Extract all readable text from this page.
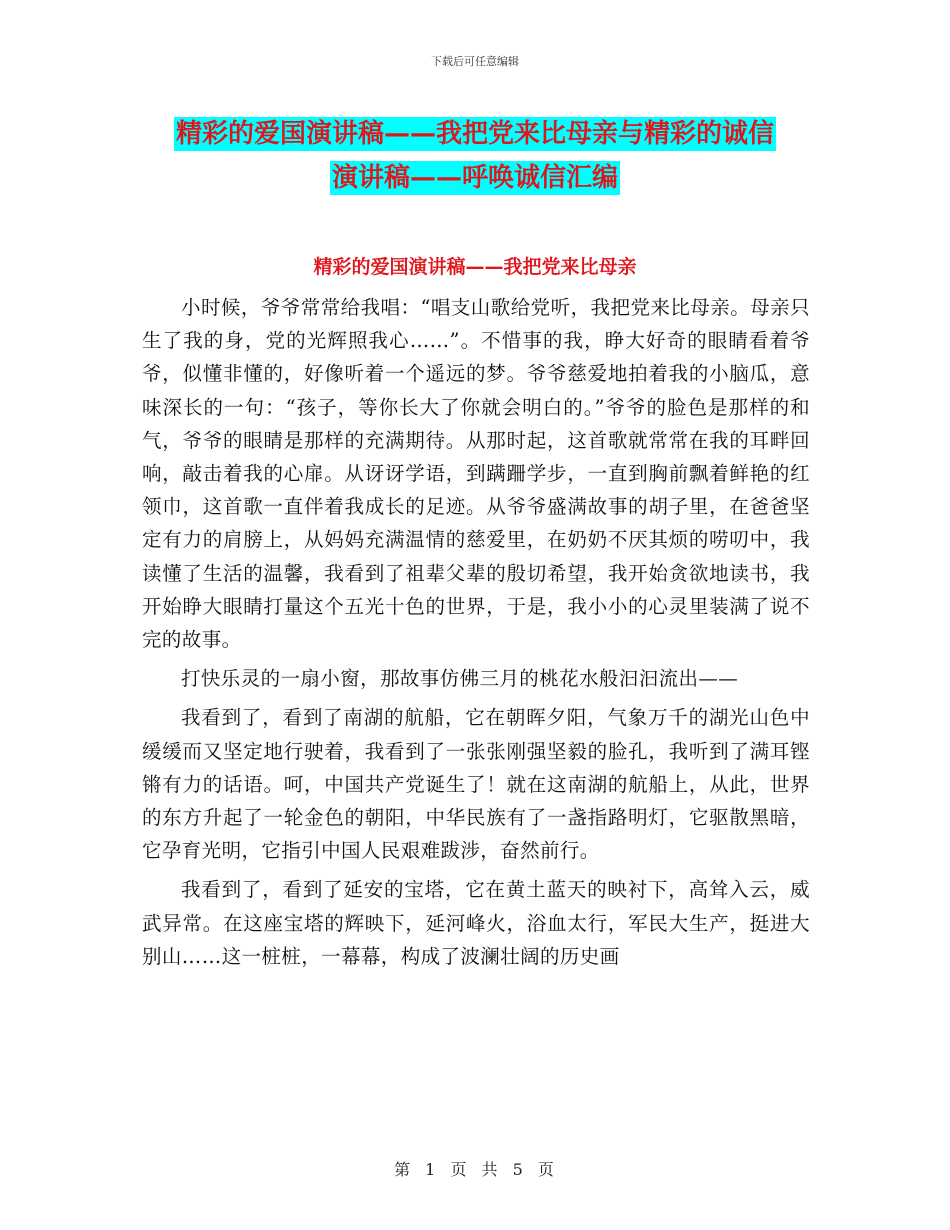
下载后可任意编辑
精彩的爱国演讲稿——我把党来比母亲与精彩的诚信
演讲稿——呼唤诚信汇编
精彩的爱国演讲稿——我把党来比母亲

小时候，爷爷常常给我唱：“唱支山歌给党听，我把党来比母亲。母亲只生了我的身，党的光辉照我心……”。不惜事的我，睁大好奇的眼睛看着爷爷，似懂非懂的，好像听着一个遥远的梦。爷爷慈爱地拍着我的小脑瓜，意味深长的一句：“孩子，等你长大了你就会明白的。”爷爷的脸色是那样的和气，爷爷的眼睛是那样的充满期待。从那时起，这首歌就常常在我的耳畔回响，敲击着我的心扉。从讶讶学语，到蹒跚学步，一直到胸前飘着鲜艳的红领巾，这首歌一直伴着我成长的足迹。从爷爷盛满故事的胡子里，在爸爸坚定有力的肩膀上，从妈妈充满温情的慈爱里，在奶奶不厌其烦的唠叨中，我读懂了生活的温馨，我看到了祖辈父辈的殷切希望，我开始贪欲地读书，我开始睁大眼睛打量这个五光十色的世界，于是，我小小的心灵里装满了说不完的故事。

打快乐灵的一扇小窗，那故事仿佛三月的桃花水般汩汩流出——

我看到了，看到了南湖的航船，它在朝晖夕阳，气象万千的湖光山色中缓缓而又坚定地行驶着，我看到了一张张刚强坚毅的脸孔，我听到了满耳铿锵有力的话语。呵，中国共产党诞生了！就在这南湖的航船上，从此，世界的东方升起了一轮金色的朝阳，中华民族有了一盏指路明灯，它驱散黑暗，它孕育光明，它指引中国人民艰难跋涉，奋然前行。

我看到了，看到了延安的宝塔，它在黄土蓝天的映衬下，高耸入云，威武异常。在这座宝塔的辉映下，延河峰火，浴血太行，军民大生产，挺进大别山……这一桩桩，一幕幕，构成了波澜壮阔的历史画

第 1 页 共 5 页
